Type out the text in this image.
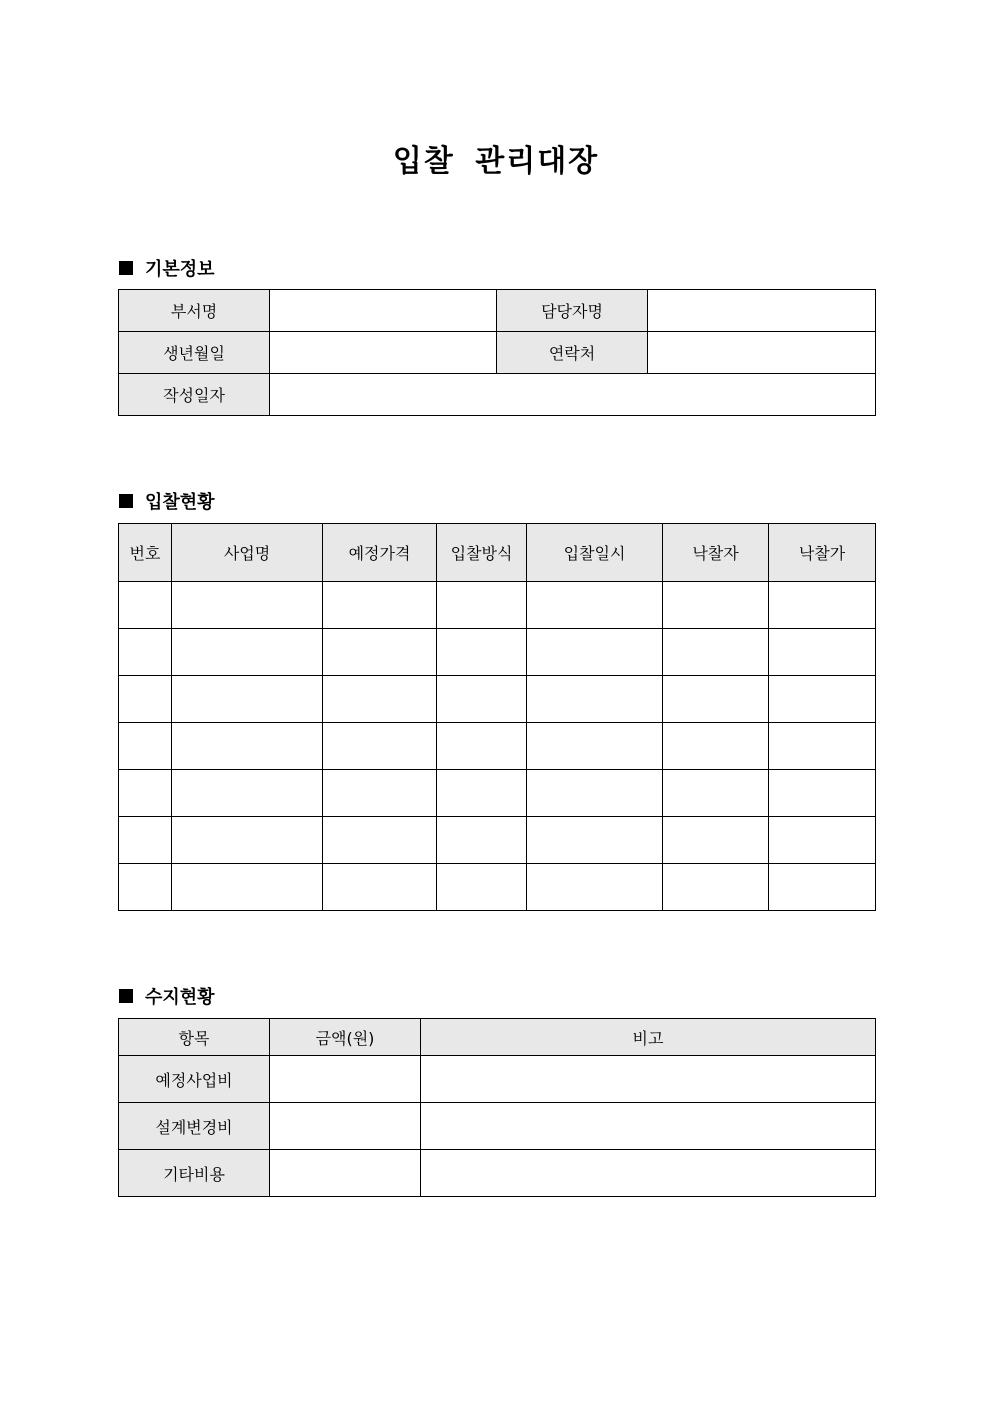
입찰 관리대장
기본정보
부서명		담당자명	
생년월일		연락처	
작성일자			
입찰현황
번호	사업명	예정가격	입찰방식	입찰일시	낙찰자	낙찰가

수지현황
항목	금액(원)	비고
예정사업비		
설계변경비		
기타비용		
